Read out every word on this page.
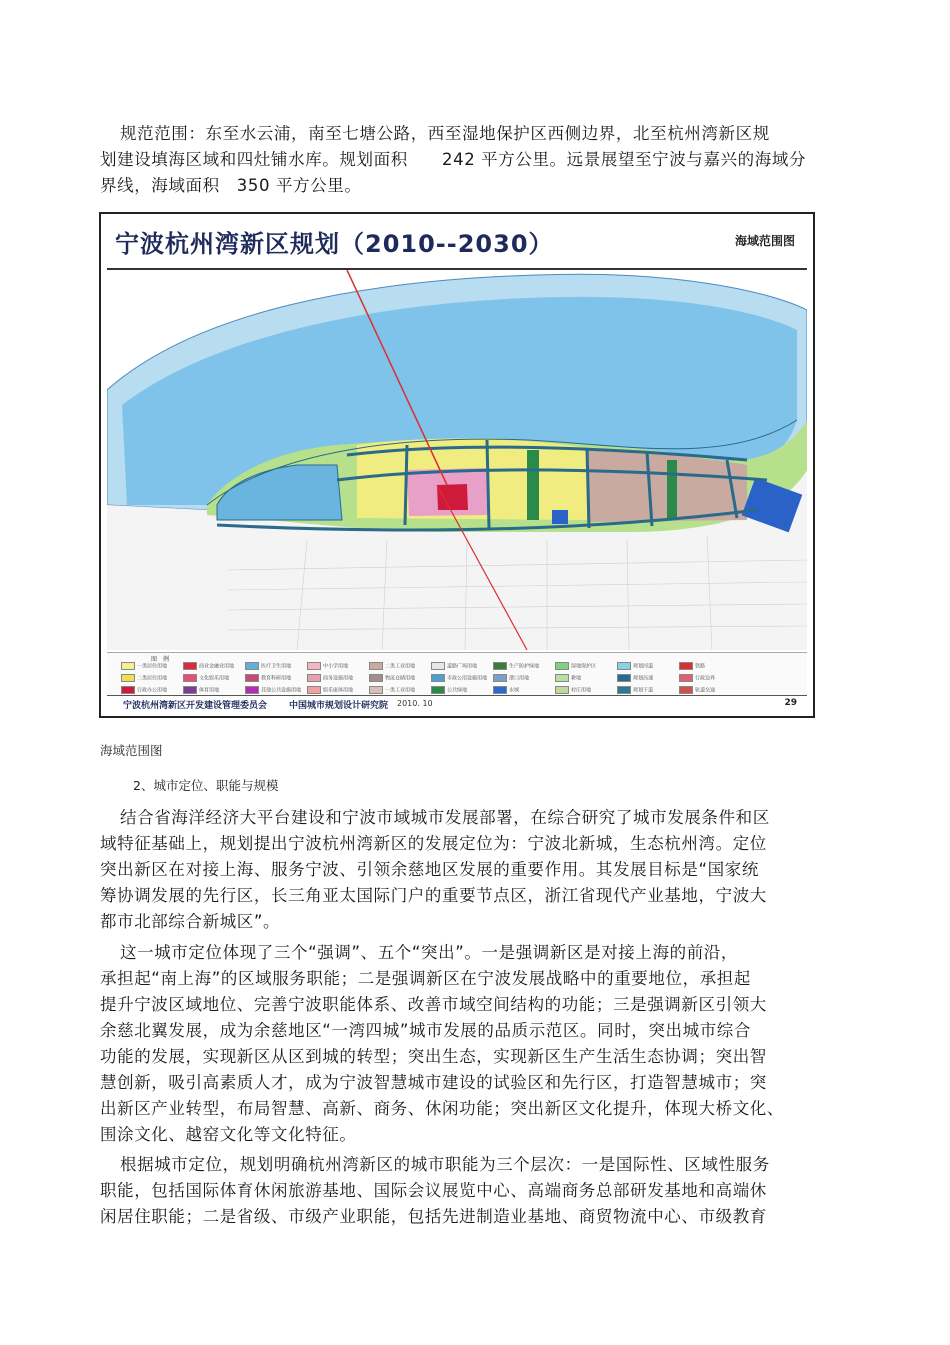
规范范围：东至水云浦，南至七塘公路，西至湿地保护区西侧边界，北至杭州湾新区规
划建设填海区域和四灶铺水库。规划面积　　242 平方公里。远景展望至宁波与嘉兴的海域分
界线，海域面积　350 平方公里。
宁波杭州湾新区规划（2010--2030）	海域范围图
图　例
一类居住用地
二类居住用地
行政办公用地
商业金融业用地
文化娱乐用地
体育用地
医疗卫生用地
教育科研用地
其他公共设施用地
中小学用地
商务设施用地
娱乐康体用地
二类工业用地
物流仓储用地
一类工业用地
道路广场用地
市政公用设施用地
公共绿地
生产防护绿地
港口用地
水域
湿地保护区
耕地
村庄用地
规划河道
规划高速
规划干道
铁路
行政边界
轨道交通
宁波杭州湾新区开发建设管理委员会 中国城市规划设计研究院 2010. 10	29
海域范围图
2、城市定位、职能与规模
结合省海洋经济大平台建设和宁波市域城市发展部署，在综合研究了城市发展条件和区
域特征基础上，规划提出宁波杭州湾新区的发展定位为：宁波北新城，生态杭州湾。定位
突出新区在对接上海、服务宁波、引领余慈地区发展的重要作用。其发展目标是“国家统
筹协调发展的先行区，长三角亚太国际门户的重要节点区，浙江省现代产业基地，宁波大
都市北部综合新城区”。
这一城市定位体现了三个“强调”、五个“突出”。一是强调新区是对接上海的前沿，
承担起“南上海”的区域服务职能；二是强调新区在宁波发展战略中的重要地位，承担起
提升宁波区域地位、完善宁波职能体系、改善市域空间结构的功能；三是强调新区引领大
余慈北翼发展，成为余慈地区“一湾四城”城市发展的品质示范区。同时，突出城市综合
功能的发展，实现新区从区到城的转型；突出生态，实现新区生产生活生态协调；突出智
慧创新，吸引高素质人才，成为宁波智慧城市建设的试验区和先行区，打造智慧城市；突
出新区产业转型，布局智慧、高新、商务、休闲功能；突出新区文化提升，体现大桥文化、
围涂文化、越窑文化等文化特征。
根据城市定位，规划明确杭州湾新区的城市职能为三个层次：一是国际性、区域性服务
职能，包括国际体育休闲旅游基地、国际会议展览中心、高端商务总部研发基地和高端休
闲居住职能；二是省级、市级产业职能，包括先进制造业基地、商贸物流中心、市级教育
